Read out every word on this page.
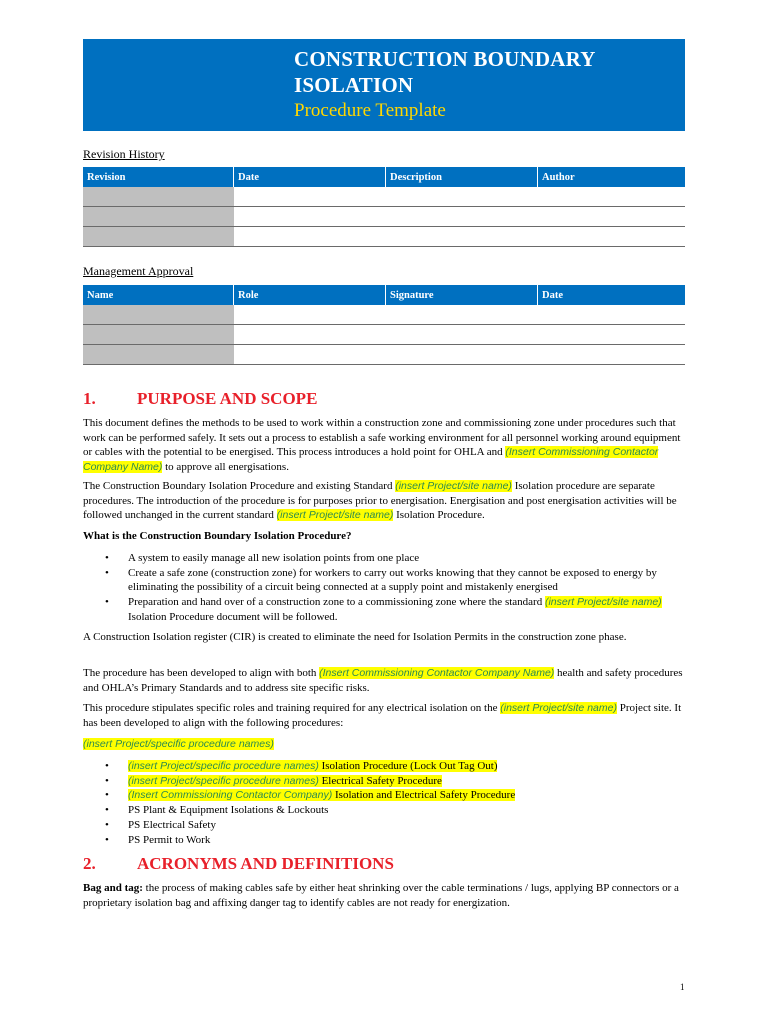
CONSTRUCTION BOUNDARY
ISOLATION
Procedure Template
Revision History
Revision	Date	Description	Author

Management Approval
Name	Role	Signature	Date

1. PURPOSE AND SCOPE

This document defines the methods to be used to work within a construction zone and commissioning zone under procedures such that work can be performed safely. It sets out a process to establish a safe working environment for all personnel working around equipment or cables with the potential to be energised. This process introduces a hold point for OHLA and (Insert Commissioning Contactor Company Name) to approve all energisations.

The Construction Boundary Isolation Procedure and existing Standard (insert Project/site name) Isolation procedure are separate procedures. The introduction of the procedure is for purposes prior to energisation. Energisation and post energisation activities will be followed unchanged in the current standard (insert Project/site name) Isolation Procedure.

What is the Construction Boundary Isolation Procedure?

• A system to easily manage all new isolation points from one place
• Create a safe zone (construction zone) for workers to carry out works knowing that they cannot be exposed to energy by eliminating the possibility of a circuit being connected at a supply point and mistakenly energised
• Preparation and hand over of a construction zone to a commissioning zone where the standard (insert Project/site name) Isolation Procedure document will be followed.

A Construction Isolation register (CIR) is created to eliminate the need for Isolation Permits in the construction zone phase.

The procedure has been developed to align with both (Insert Commissioning Contactor Company Name) health and safety procedures and OHLA’s Primary Standards and to address site specific risks.

This procedure stipulates specific roles and training required for any electrical isolation on the (insert Project/site name) Project site. It has been developed to align with the following procedures:

(insert Project/specific procedure names)

• (insert Project/specific procedure names) Isolation Procedure (Lock Out Tag Out)
• (insert Project/specific procedure names) Electrical Safety Procedure
• (Insert Commissioning Contactor Company) Isolation and Electrical Safety Procedure
• PS Plant & Equipment Isolations & Lockouts
• PS Electrical Safety
• PS Permit to Work
2. ACRONYMS AND DEFINITIONS

Bag and tag: the process of making cables safe by either heat shrinking over the cable terminations / lugs, applying BP connectors or a proprietary isolation bag and affixing danger tag to identify cables are not ready for energization.

1
